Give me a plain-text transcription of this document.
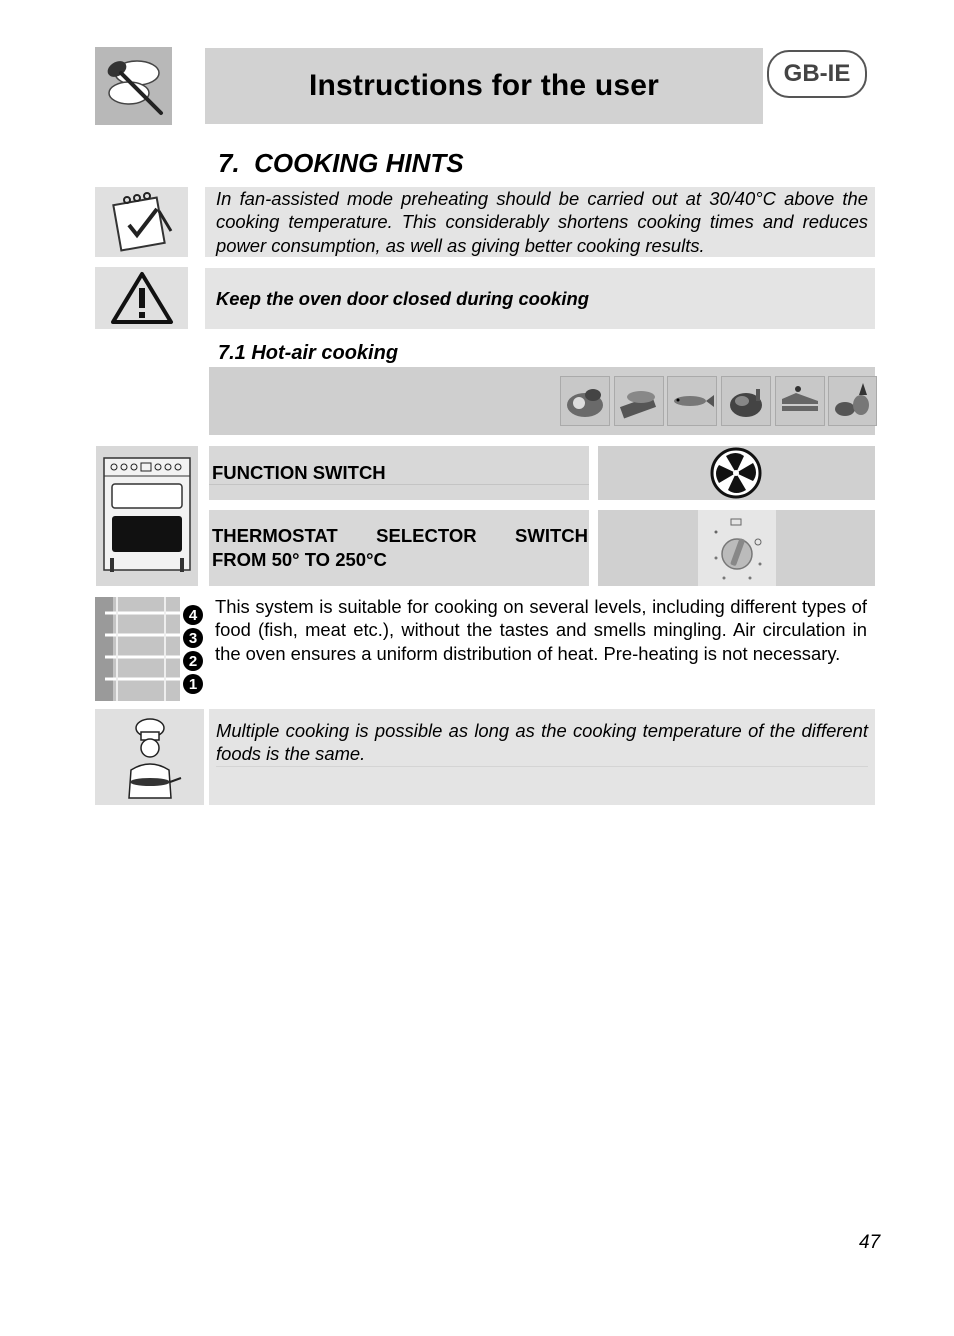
Instructions for the user	GB-IE
7. COOKING HINTS
In fan-assisted mode preheating should be carried out at 30/40°C above the cooking temperature. This considerably shortens cooking times and reduces power consumption, as well as giving better cooking results.
Keep the oven door closed during cooking
7.1 Hot-air cooking
FUNCTION SWITCH
THERMOSTAT SELECTOR SWITCH
FROM 50° TO 250°C
4
3
2
1
This system is suitable for cooking on several levels, including different types of food (fish, meat etc.), without the tastes and smells mingling. Air circulation in the oven ensures a uniform distribution of heat. Pre-heating is not necessary.
Multiple cooking is possible as long as the cooking temperature of the different foods is the same.
47
